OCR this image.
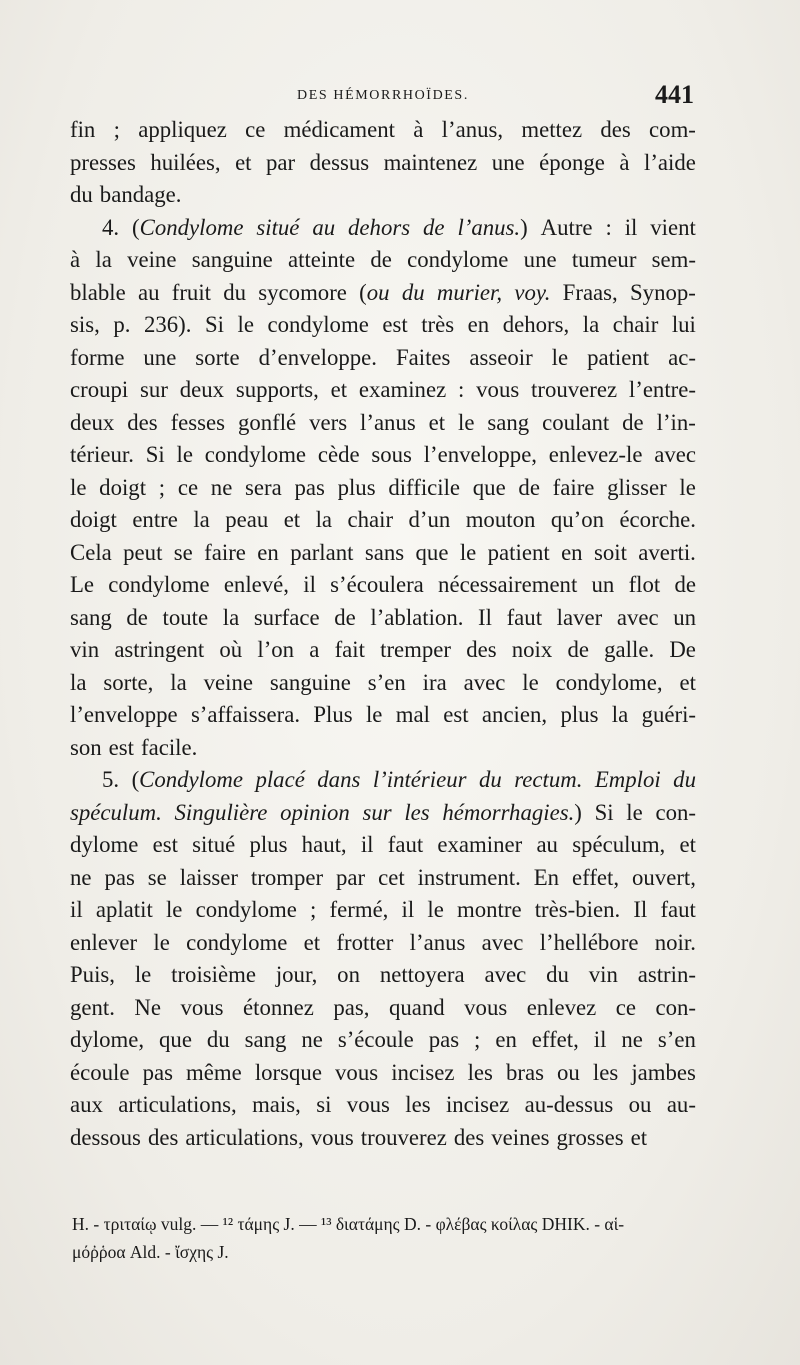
DES HÉMORRHOÏDES.	441
fin ; appliquez ce médicament à l’anus, mettez des com-
presses huilées, et par dessus maintenez une éponge à l’aide
du bandage.
4. (Condylome situé au dehors de l’anus.) Autre : il vient
à la veine sanguine atteinte de condylome une tumeur sem-
blable au fruit du sycomore (ou du murier, voy. Fraas, Synop-
sis, p. 236). Si le condylome est très en dehors, la chair lui
forme une sorte d’enveloppe. Faites asseoir le patient ac-
croupi sur deux supports, et examinez : vous trouverez l’entre-
deux des fesses gonflé vers l’anus et le sang coulant de l’in-
térieur. Si le condylome cède sous l’enveloppe, enlevez-le avec
le doigt ; ce ne sera pas plus difficile que de faire glisser le
doigt entre la peau et la chair d’un mouton qu’on écorche.
Cela peut se faire en parlant sans que le patient en soit averti.
Le condylome enlevé, il s’écoulera nécessairement un flot de
sang de toute la surface de l’ablation. Il faut laver avec un
vin astringent où l’on a fait tremper des noix de galle. De
la sorte, la veine sanguine s’en ira avec le condylome, et
l’enveloppe s’affaissera. Plus le mal est ancien, plus la guéri-
son est facile.
5. (Condylome placé dans l’intérieur du rectum. Emploi du
spéculum. Singulière opinion sur les hémorrhagies.) Si le con-
dylome est situé plus haut, il faut examiner au spéculum, et
ne pas se laisser tromper par cet instrument. En effet, ouvert,
il aplatit le condylome ; fermé, il le montre très-bien. Il faut
enlever le condylome et frotter l’anus avec l’hellébore noir.
Puis, le troisième jour, on nettoyera avec du vin astrin-
gent. Ne vous étonnez pas, quand vous enlevez ce con-
dylome, que du sang ne s’écoule pas ; en effet, il ne s’en
écoule pas même lorsque vous incisez les bras ou les jambes
aux articulations, mais, si vous les incisez au-dessus ou au-
dessous des articulations, vous trouverez des veines grosses et
H. - τριταίῳ vulg. — ¹² τάμης J. — ¹³ διατάμης D. - φλέβας κοίλας DHIK. - αἱ-
μόῤῥοα Ald. - ἴσχης J.
